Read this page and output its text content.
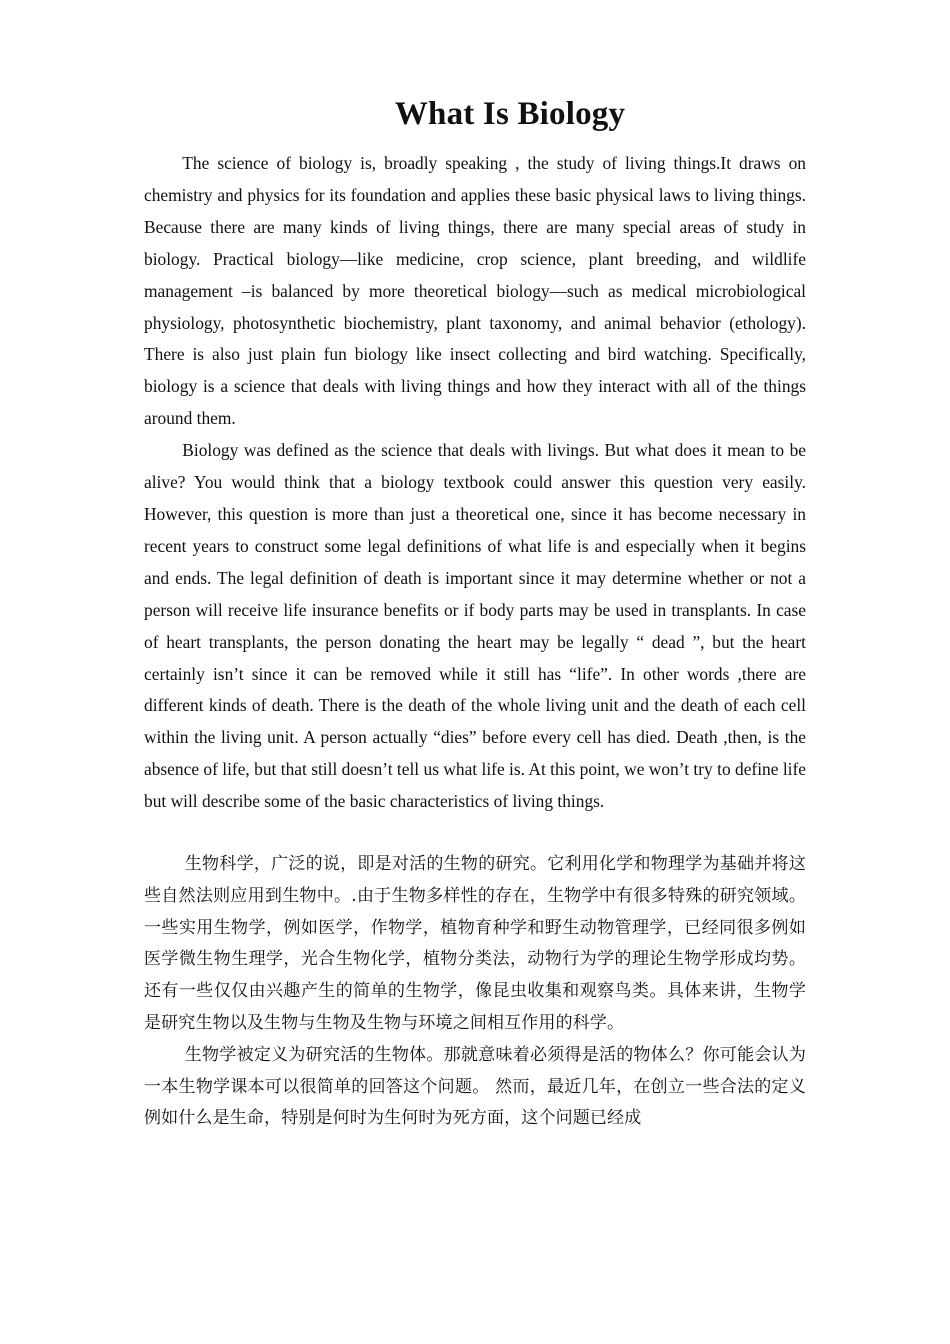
What Is Biology

The science of biology is, broadly speaking , the study of living things.It draws on chemistry and physics for its foundation and applies these basic physical laws to living things. Because there are many kinds of living things, there are many special areas of study in biology. Practical biology—like medicine, crop science, plant breeding, and wildlife management –is balanced by more theoretical biology—such as medical microbiological physiology, photosynthetic biochemistry, plant taxonomy, and animal behavior (ethology). There is also just plain fun biology like insect collecting and bird watching. Specifically, biology is a science that deals with living things and how they interact with all of the things around them.

Biology was defined as the science that deals with livings. But what does it mean to be alive? You would think that a biology textbook could answer this question very easily. However, this question is more than just a theoretical one, since it has become necessary in recent years to construct some legal definitions of what life is and especially when it begins and ends. The legal definition of death is important since it may determine whether or not a person will receive life insurance benefits or if body parts may be used in transplants. In case of heart transplants, the person donating the heart may be legally “ dead ”, but the heart certainly isn’t since it can be removed while it still has “life”. In other words ,there are different kinds of death. There is the death of the whole living unit and the death of each cell within the living unit. A person actually “dies” before every cell has died. Death ,then, is the absence of life, but that still doesn’t tell us what life is. At this point, we won’t try to define life but will describe some of the basic characteristics of living things.

生物科学，广泛的说，即是对活的生物的研究。它利用化学和物理学为基础并将这些自然法则应用到生物中。.由于生物多样性的存在，生物学中有很多特殊的研究领域。一些实用生物学，例如医学，作物学，植物育种学和野生动物管理学，已经同很多例如医学微生物生理学，光合生物化学，植物分类法，动物行为学的理论生物学形成均势。还有一些仅仅由兴趣产生的简单的生物学，像昆虫收集和观察鸟类。具体来讲，生物学是研究生物以及生物与生物及生物与环境之间相互作用的科学。

生物学被定义为研究活的生物体。那就意味着必须得是活的物体么？你可能会认为一本生物学课本可以很简单的回答这个问题。 然而，最近几年，在创立一些合法的定义例如什么是生命，特别是何时为生何时为死方面，这个问题已经成
